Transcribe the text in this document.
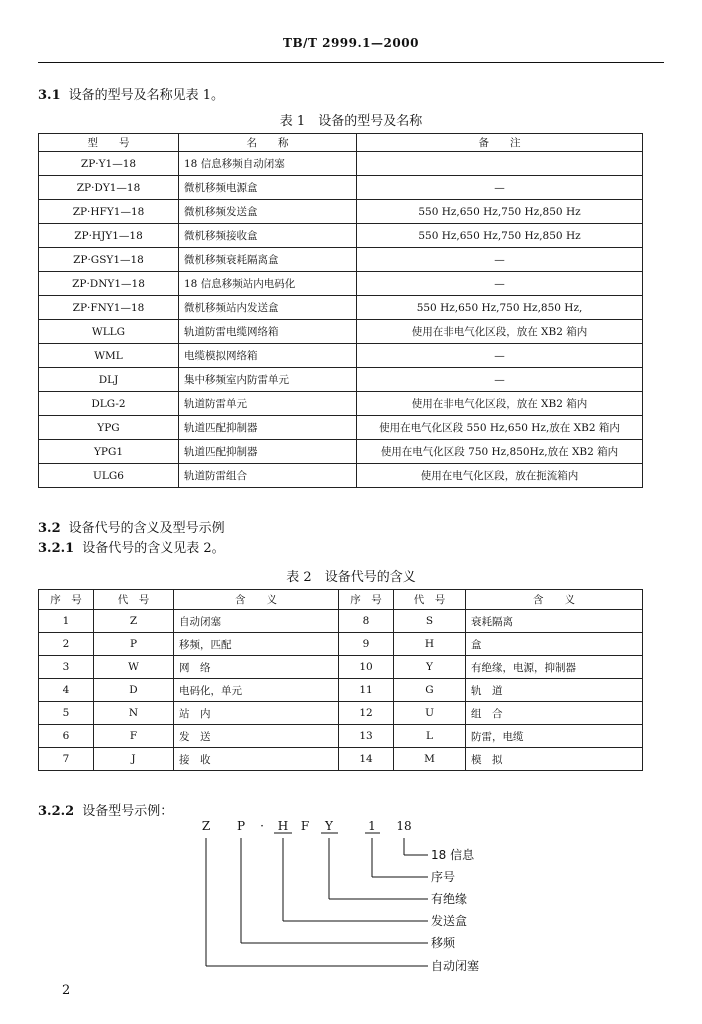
TB/T 2999.1—2000
3.1 设备的型号及名称见表 1。
表 1　设备的型号及名称
型　　号	名　　称	备　　注
ZP·Y1—18	18 信息移频自动闭塞	
ZP·DY1—18	微机移频电源盒	—
ZP·HFY1—18	微机移频发送盒	550 Hz,650 Hz,750 Hz,850 Hz
ZP·HJY1—18	微机移频接收盒	550 Hz,650 Hz,750 Hz,850 Hz
ZP·GSY1—18	微机移频衰耗隔离盒	—
ZP·DNY1—18	18 信息移频站内电码化	—
ZP·FNY1—18	微机移频站内发送盒	550 Hz,650 Hz,750 Hz,850 Hz,
WLLG	轨道防雷电缆网络箱	使用在非电气化区段，放在 XB2 箱内
WML	电缆模拟网络箱	—
DLJ	集中移频室内防雷单元	—
DLG-2	轨道防雷单元	使用在非电气化区段，放在 XB2 箱内
YPG	轨道匹配抑制器	使用在电气化区段 550 Hz,650 Hz,放在 XB2 箱内
YPG1	轨道匹配抑制器	使用在电气化区段 750 Hz,850Hz,放在 XB2 箱内
ULG6	轨道防雷组合	使用在电气化区段，放在扼流箱内
3.2 设备代号的含义及型号示例
3.2.1 设备代号的含义见表 2。
表 2　设备代号的含义
序　号	代　号	含　　义	序　号	代　号	含　　义
1	Z	自动闭塞	8	S	衰耗隔离
2	P	移频，匹配	9	H	盒
3	W	网　络	10	Y	有绝缘，电源，抑制器
4	D	电码化，单元	11	G	轨　道
5	N	站　内	12	U	组　合
6	F	发　送	13	L	防雷，电缆
7	J	接　收	14	M	模　拟
3.2.2 设备型号示例：
Z P · H F Y	1 18
18 信息
序号
有绝缘
发送盒
移频
自动闭塞
2
